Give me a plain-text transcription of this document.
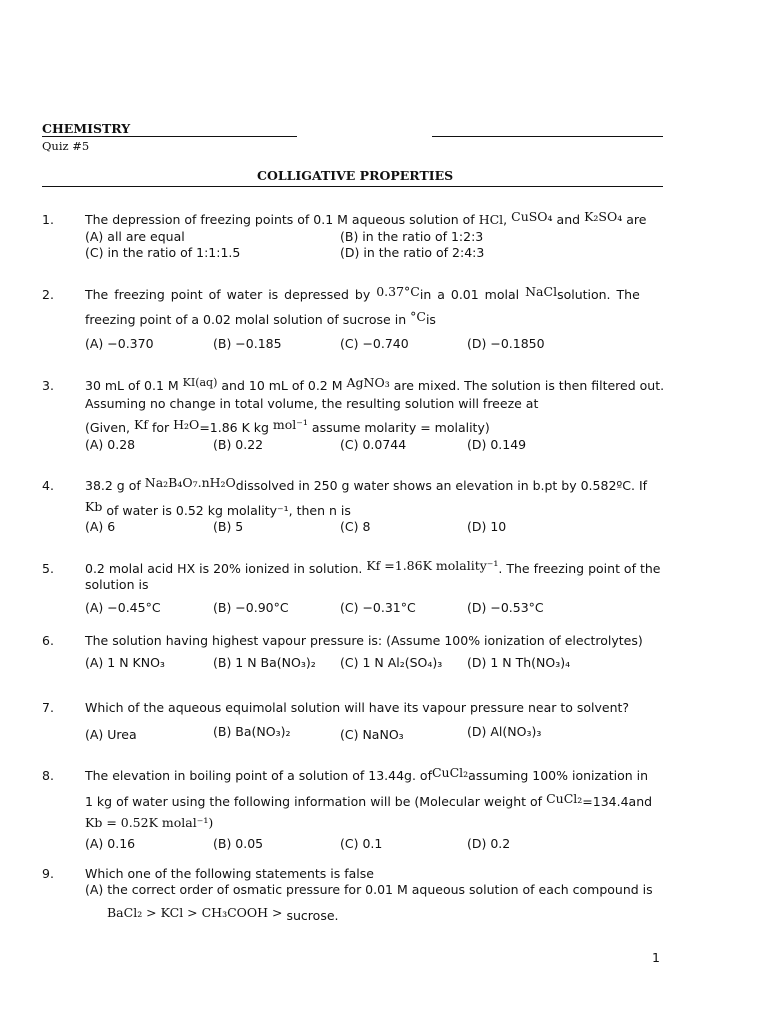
CHEMISTRY
Quiz #5
COLLIGATIVE PROPERTIES
1. The depression of freezing points of 0.1 M aqueous solution of HCl, CuSO₄ and K₂SO₄ are
(A) all are equal	(B) in the ratio of 1:2:3
(C) in the ratio of 1:1:1.5	(D) in the ratio of 2:4:3
2. The freezing point of water is depressed by 0.37°Cin a 0.01 molal NaClsolution. The
freezing point of a 0.02 molal solution of sucrose in °Cis
(A) −0.370	(B) −0.185	(C) −0.740	(D) −0.1850
3. 30 mL of 0.1 M KI(aq) and 10 mL of 0.2 M AgNO₃ are mixed. The solution is then filtered out.
Assuming no change in total volume, the resulting solution will freeze at
(Given, Kf for H₂O=1.86 K kg mol⁻¹ assume molarity = molality)
(A) 0.28	(B) 0.22	(C) 0.0744	(D) 0.149
4. 38.2 g of Na₂B₄O₇.nH₂Odissolved in 250 g water shows an elevation in b.pt by 0.582ºC. If
Kb of water is 0.52 kg molality⁻¹, then n is
(A) 6	(B) 5	(C) 8	(D) 10
5. 0.2 molal acid HX is 20% ionized in solution. Kf =1.86K molality⁻¹. The freezing point of the
solution is
(A) −0.45°C	(B) −0.90°C	(C) −0.31°C	(D) −0.53°C
6. The solution having highest vapour pressure is: (Assume 100% ionization of electrolytes)
(A) 1 N KNO₃	(B) 1 N Ba(NO₃)₂ (C) 1 N Al₂(SO₄)₃ (D) 1 N Th(NO₃)₄
7. Which of the aqueous equimolal solution will have its vapour pressure near to solvent?
(A) Urea	(B) Ba(NO₃)₂	(C) NaNO₃	(D) Al(NO₃)₃
8. The elevation in boiling point of a solution of 13.44g. ofCuCl₂assuming 100% ionization in
1 kg of water using the following information will be (Molecular weight of CuCl₂=134.4and
Kb = 0.52K molal⁻¹)
(A) 0.16	(B) 0.05	(C) 0.1	(D) 0.2
9. Which one of the following statements is false
(A) the correct order of osmatic pressure for 0.01 M aqueous solution of each compound is
BaCl₂ > KCl > CH₃COOH > sucrose.
1
